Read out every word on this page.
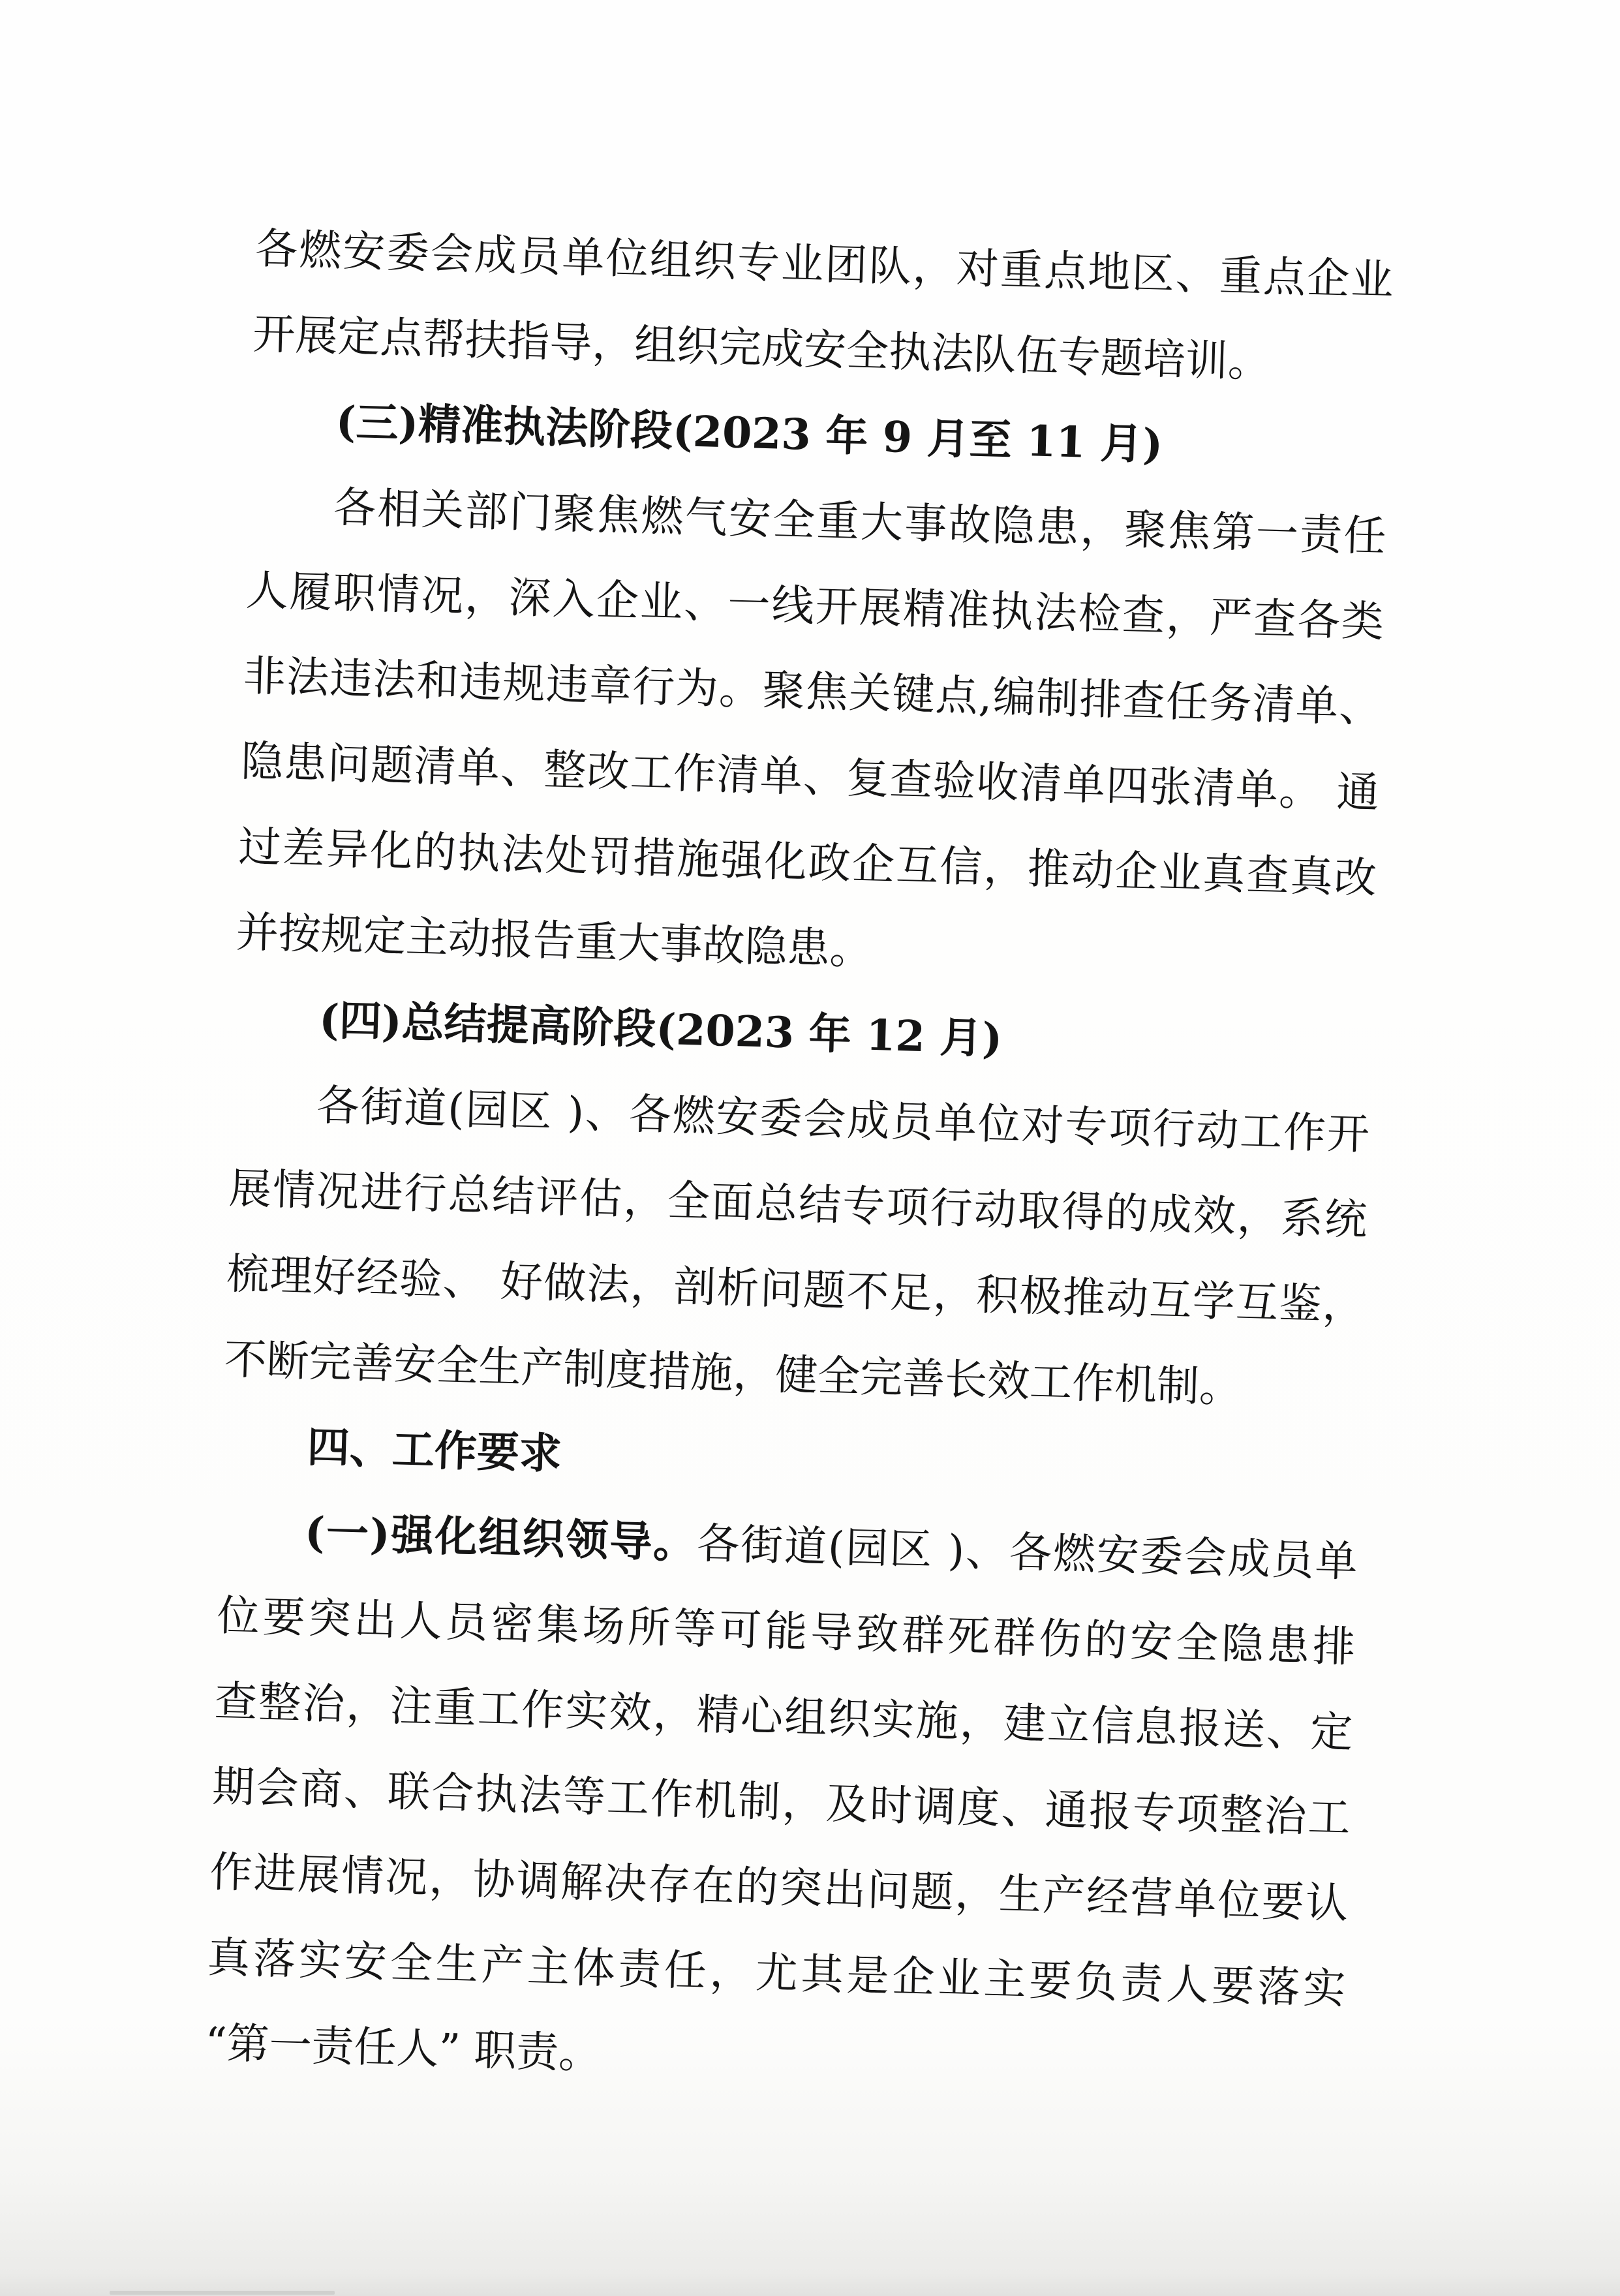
各燃安委会成员单位组织专业团队，对重点地区、重点企业

开展定点帮扶指导，组织完成安全执法队伍专题培训。

(三)精准执法阶段(2023 年 9 月至 11 月)

各相关部门聚焦燃气安全重大事故隐患，聚焦第一责任

人履职情况，深入企业、一线开展精准执法检查，严查各类

非法违法和违规违章行为。聚焦关键点,编制排查任务清单、

隐患问题清单、整改工作清单、复查验收清单四张清单。 通

过差异化的执法处罚措施强化政企互信，推动企业真查真改

并按规定主动报告重大事故隐患。

(四)总结提高阶段(2023 年 12 月)

各街道(园区 )、各燃安委会成员单位对专项行动工作开

展情况进行总结评估，全面总结专项行动取得的成效，系统

梳理好经验、 好做法，剖析问题不足，积极推动互学互鉴，

不断完善安全生产制度措施，健全完善长效工作机制。

四、工作要求

(一)强化组织领导。各街道(园区 )、各燃安委会成员单

位要突出人员密集场所等可能导致群死群伤的安全隐患排

查整治，注重工作实效，精心组织实施，建立信息报送、定

期会商、联合执法等工作机制，及时调度、通报专项整治工

作进展情况，协调解决存在的突出问题，生产经营单位要认

真落实安全生产主体责任，尤其是企业主要负责人要落实

“第一责任人” 职责。
